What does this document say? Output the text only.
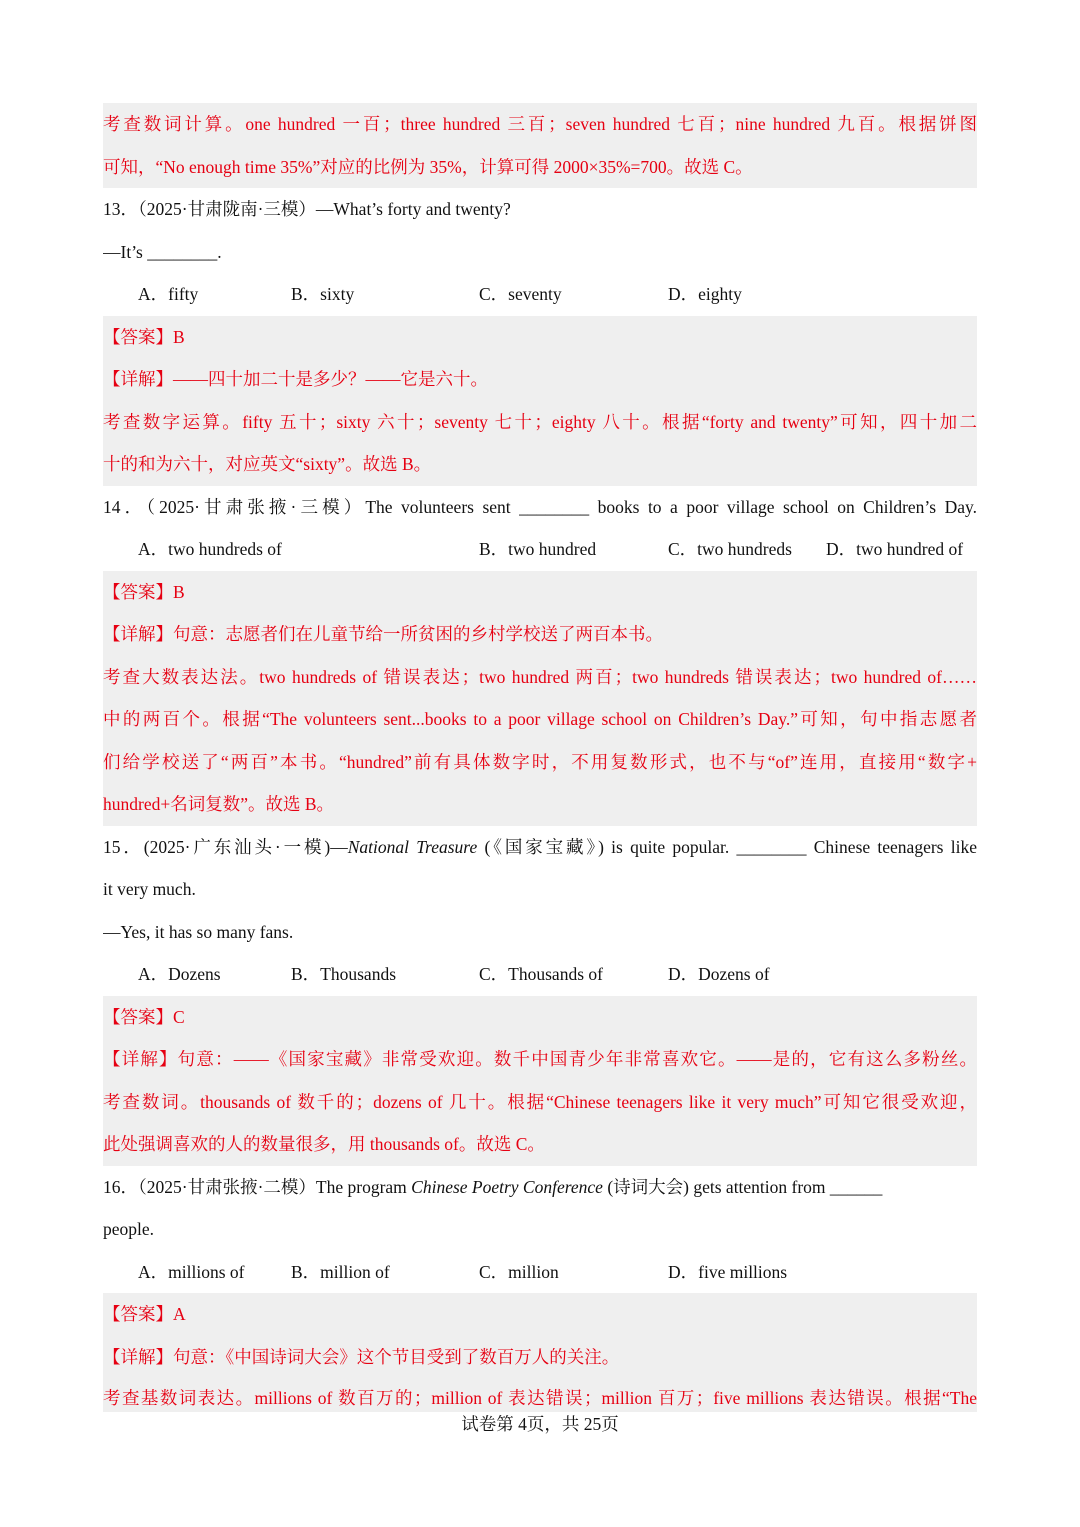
考查数词计算。one hundred 一百；three hundred 三百；seven hundred 七百；nine hundred 九百。根据饼图
可知，“No enough time 35%”对应的比例为 35%，计算可得 2000×35%=700。故选 C。
13．（2025·甘肃陇南·三模）—What’s forty and twenty?
—It’s ________.
A．fifty	B．sixty	C．seventy	D．eighty
【答案】B
【详解】——四十加二十是多少？——它是六十。
考查数字运算。fifty 五十；sixty 六十；seventy 七十；eighty 八十。根据“forty and twenty”可知，四十加二
十的和为六十，对应英文“sixty”。故选 B。
14．（2025·甘肃张掖·三模）The volunteers sent ________ books to a poor village school on Children’s Day.
A．two hundreds of	B．two hundred	C．two hundreds D．two hundred of
【答案】B
【详解】句意：志愿者们在儿童节给一所贫困的乡村学校送了两百本书。
考查大数表达法。two hundreds of 错误表达；two hundred 两百；two hundreds 错误表达；two hundred of……
中的两百个。根据“The volunteers sent...books to a poor village school on Children’s Day.”可知，句中指志愿者
们给学校送了“两百”本书。“hundred”前有具体数字时，不用复数形式，也不与“of”连用，直接用“数字+
hundred+名词复数”。故选 B。
15．(2025·广东汕头·一模)—National Treasure (《国家宝藏》) is quite popular. ________ Chinese teenagers like
it very much.
—Yes, it has so many fans.
A．Dozens	B．Thousands	C．Thousands of	D．Dozens of
【答案】C
【详解】句意：——《国家宝藏》非常受欢迎。数千中国青少年非常喜欢它。——是的，它有这么多粉丝。
考查数词。thousands of 数千的；dozens of 几十。根据“Chinese teenagers like it very much”可知它很受欢迎，
此处强调喜欢的人的数量很多，用 thousands of。故选 C。
16．（2025·甘肃张掖·二模）The program Chinese Poetry Conference (诗词大会) gets attention from ______
people.
A．millions of	B．million of	C．million	D．five millions
【答案】A
【详解】句意：《中国诗词大会》这个节目受到了数百万人的关注。
考查基数词表达。millions of 数百万的；million of 表达错误；million 百万；five millions 表达错误。根据“The
试卷第 4页，共 25页
